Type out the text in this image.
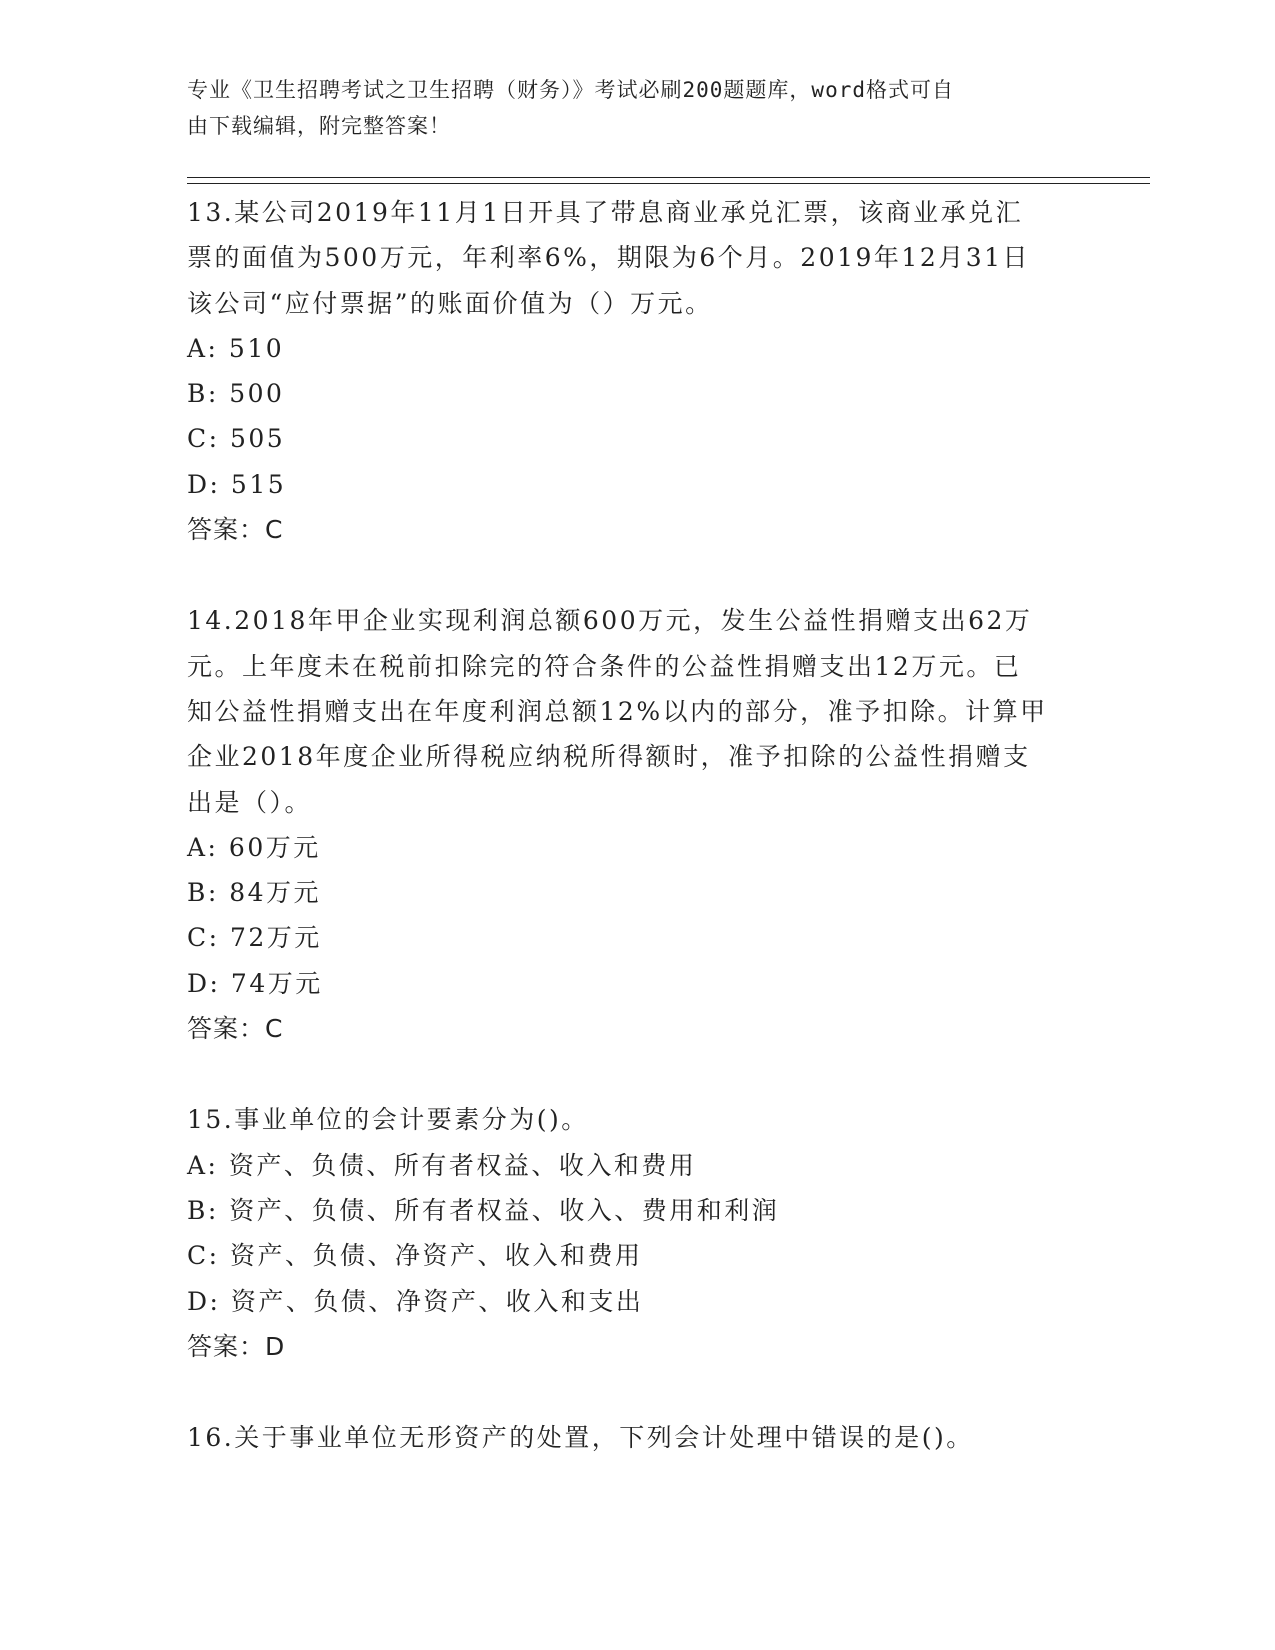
专业《卫生招聘考试之卫生招聘（财务）》考试必刷200题题库，word格式可自
由下载编辑，附完整答案！
13.某公司2019年11月1日开具了带息商业承兑汇票，该商业承兑汇
票的面值为500万元，年利率6%，期限为6个月。2019年12月31日
该公司“应付票据”的账面价值为（）万元。
A: 510
B: 500
C: 505
D: 515
答案：C
14.2018年甲企业实现利润总额600万元，发生公益性捐赠支出62万
元。上年度未在税前扣除完的符合条件的公益性捐赠支出12万元。已
知公益性捐赠支出在年度利润总额12%以内的部分，准予扣除。计算甲
企业2018年度企业所得税应纳税所得额时，准予扣除的公益性捐赠支
出是（）。
A: 60万元
B: 84万元
C: 72万元
D: 74万元
答案：C
15.事业单位的会计要素分为()。
A: 资产、负债、所有者权益、收入和费用
B: 资产、负债、所有者权益、收入、费用和利润
C: 资产、负债、净资产、收入和费用
D: 资产、负债、净资产、收入和支出
答案：D
16.关于事业单位无形资产的处置，下列会计处理中错误的是()。
